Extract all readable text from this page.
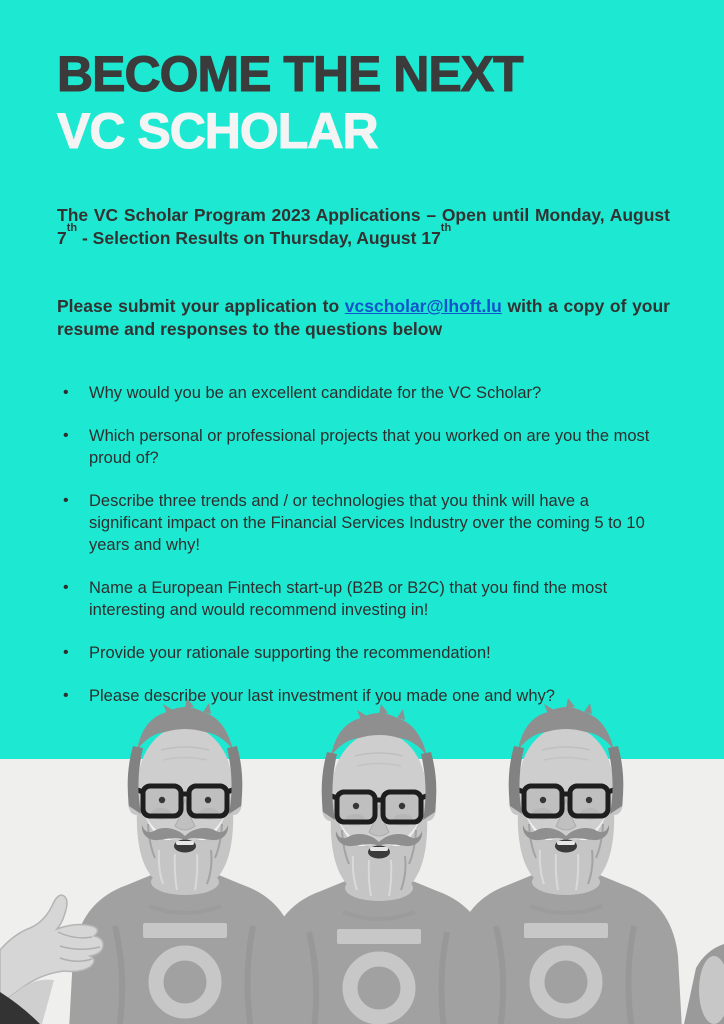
BECOME THE NEXT
VC SCHOLAR

The VC Scholar Program 2023 Applications – Open until Monday, August 7th - Selection Results on Thursday, August 17th

Please submit your application to vcscholar@lhoft.lu with a copy of your resume and responses to the questions below

• Why would you be an excellent candidate for the VC Scholar?
• Which personal or professional projects that you worked on are you the most proud of?
• Describe three trends and / or technologies that you think will have a significant impact on the Financial Services Industry over the coming 5 to 10 years and why!
• Name a European Fintech start-up (B2B or B2C) that you find the most interesting and would recommend investing in!
• Provide your rationale supporting the recommendation!
• Please describe your last investment if you made one and why?
